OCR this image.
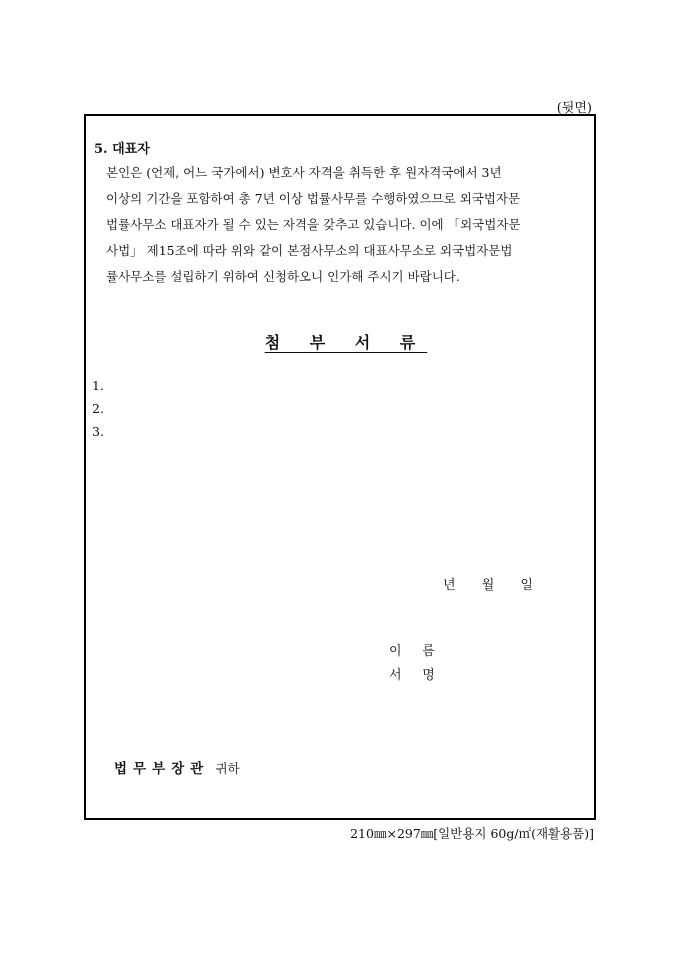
(뒷면)
5. 대표자
본인은 (언제, 어느 국가에서) 변호사 자격을 취득한 후 원자격국에서 3년
이상의 기간을 포함하여 총 7년 이상 법률사무를 수행하였으므로 외국법자문
법률사무소 대표자가 될 수 있는 자격을 갖추고 있습니다. 이에 「외국법자문
사법」 제15조에 따라 위와 같이 본점사무소의 대표사무소로 외국법자문법
률사무소를 설립하기 위하여 신청하오니 인가해 주시기 바랍니다.
첨 부 서 류
1.
2.
3.
년 월 일
이     름
서     명
법무부장관 귀하
210㎜×297㎜[일반용지 60g/㎡(재활용품)]
